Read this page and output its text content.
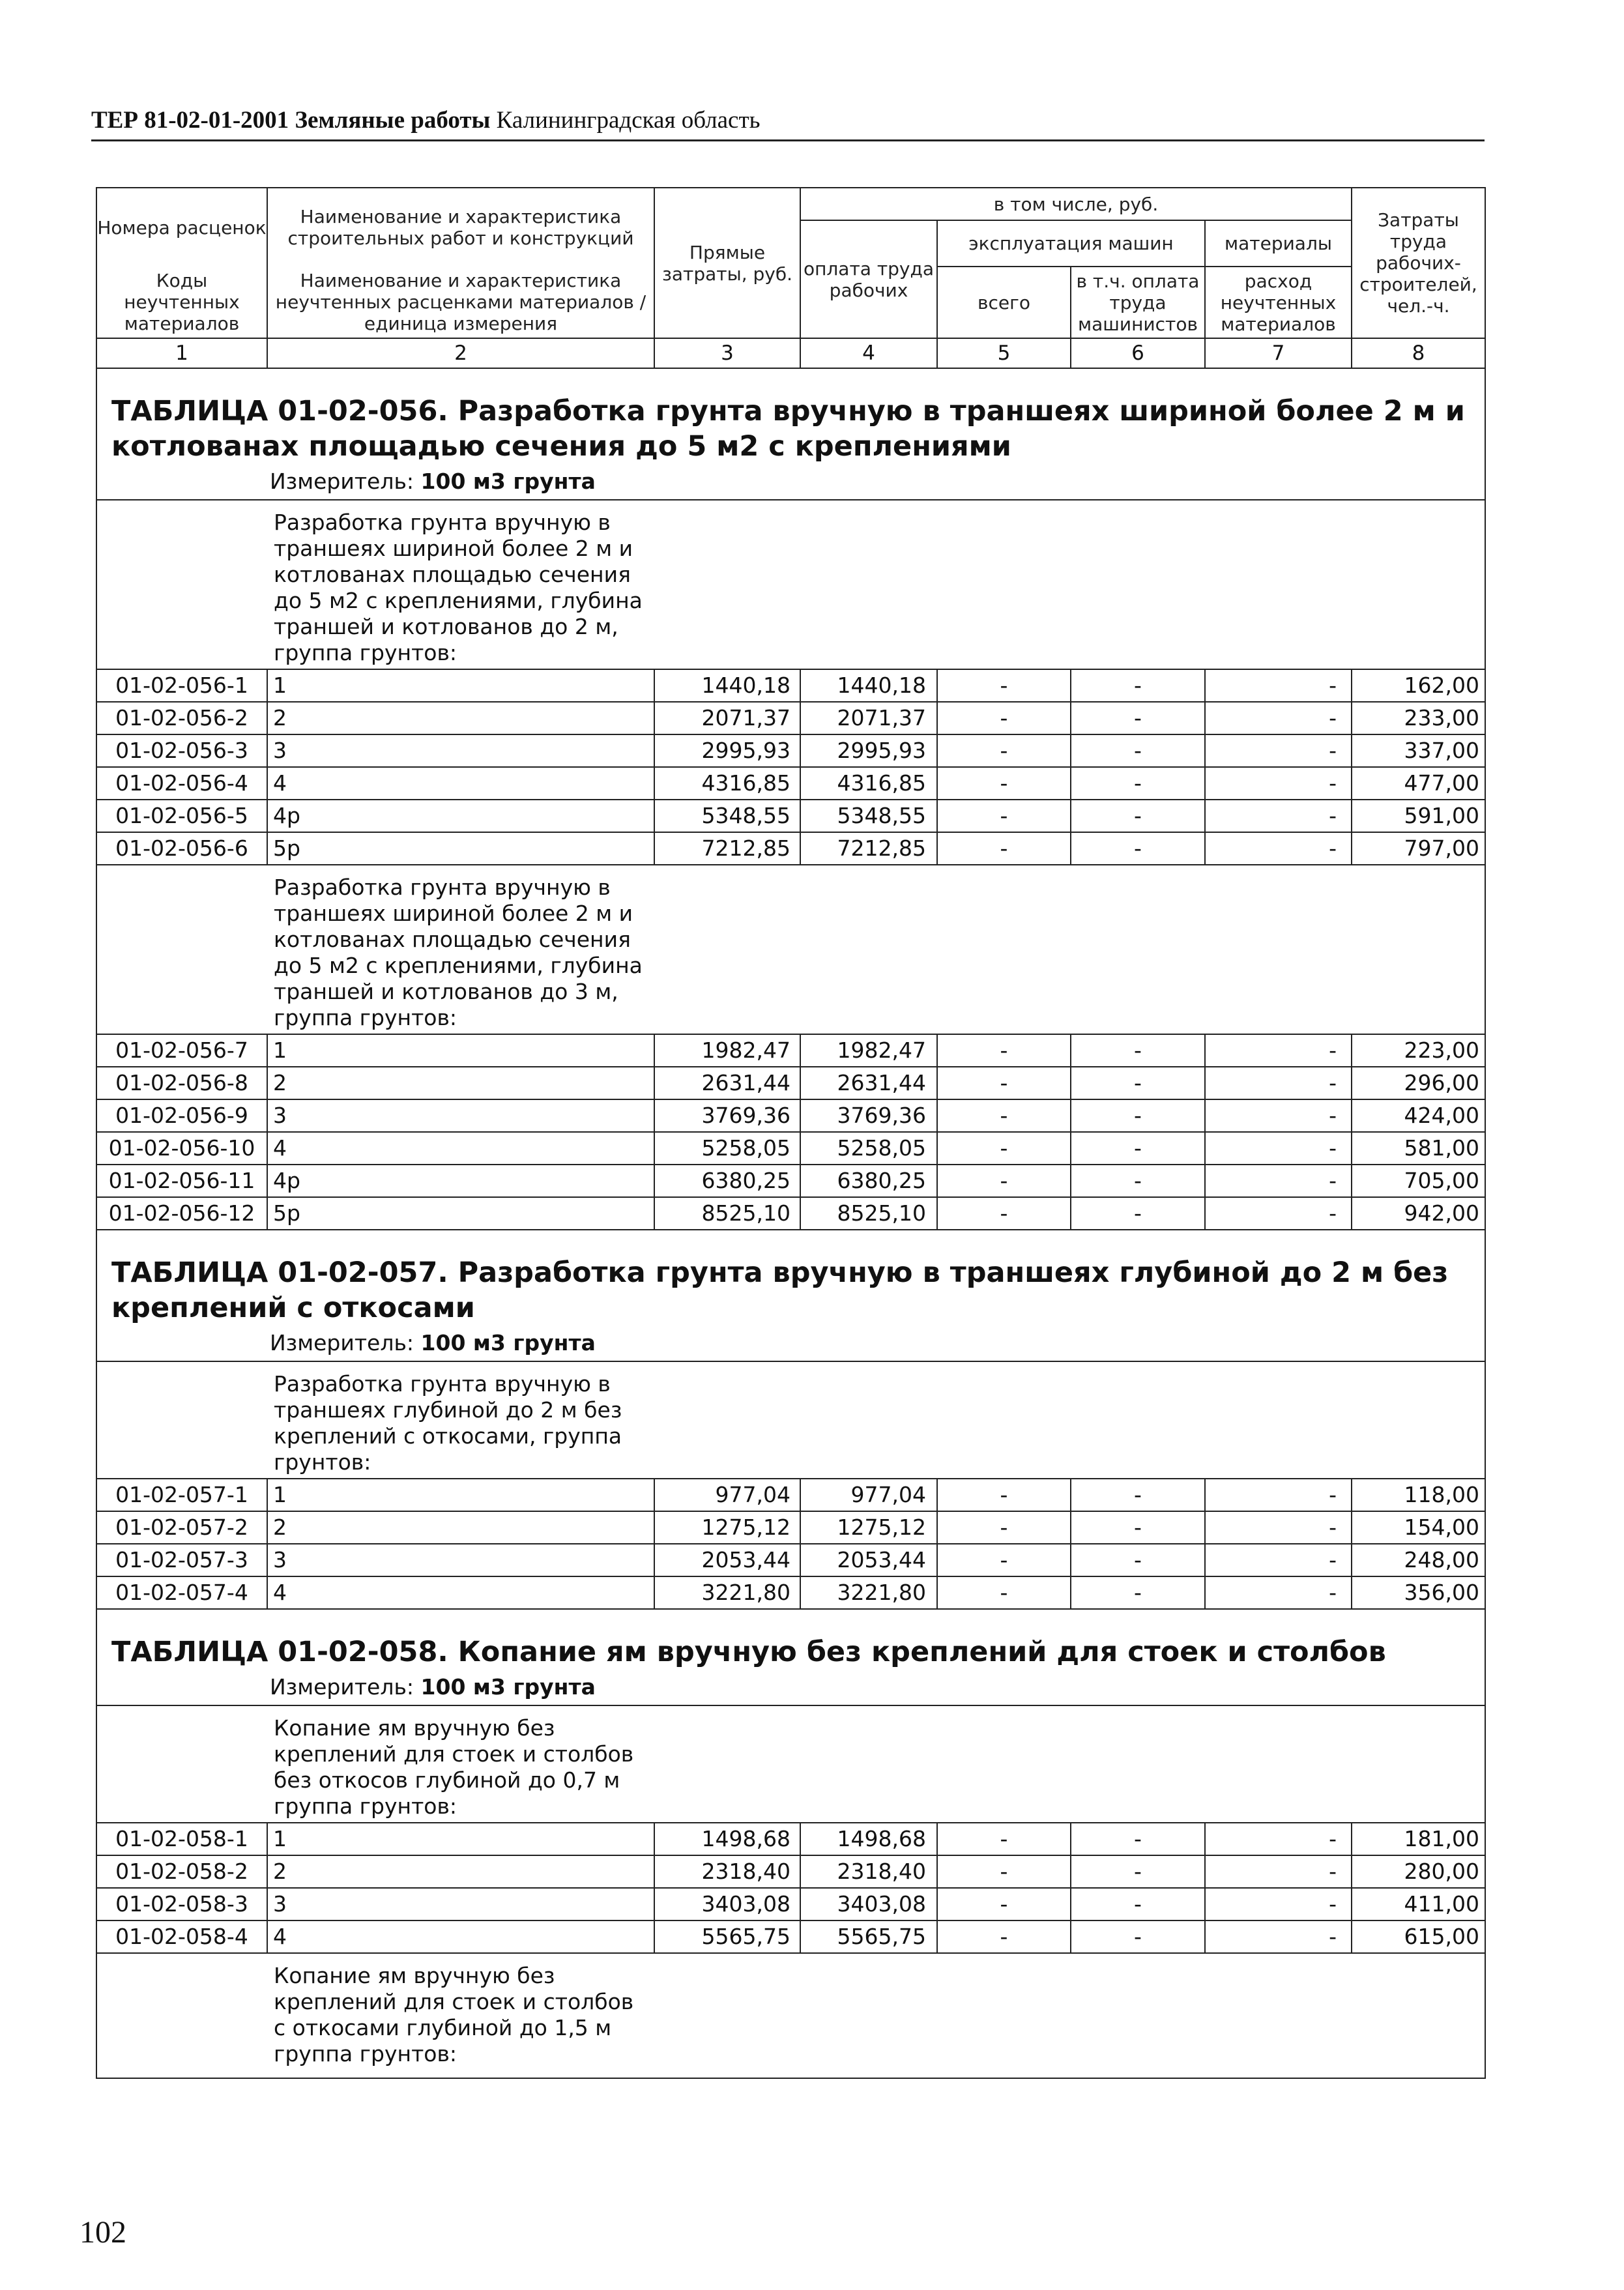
ТЕР 81-02-01-2001 Земляные работы Калининградская область
Номера расценок	Наименование и характеристика строительных работ и конструкций	Прямые затраты, руб.	в том числе, руб.				Затраты труда рабочих-строителей, чел.-ч.	
			оплата труда рабочих	эксплуатация машин		материалы		
Коды неучтенных материалов	Наименование и характеристика неучтенных расценками материалов / единица измерения			всего	в т.ч. оплата труда машинистов	расход неучтенных материалов		

1	2	3	4	5	6	7	8	

ТАБЛИЦА 01-02-056. Разработка грунта вручную в траншеях шириной более 2 м и котлованах площадью сечения до 5 м2 с креплениями								

Измеритель: 100 м3 грунта								

	Разработка грунта вручную в траншеях шириной более 2 м и котлованах площадью сечения до 5 м2 с креплениями, глубина траншей и котлованов до 2 м, группа грунтов:							

01-02-056-1	1	1440,18	1440,18	-	-	-	162,00	
01-02-056-2	2	2071,37	2071,37	-	-	-	233,00	
01-02-056-3	3	2995,93	2995,93	-	-	-	337,00	
01-02-056-4	4	4316,85	4316,85	-	-	-	477,00	
01-02-056-5	4р	5348,55	5348,55	-	-	-	591,00	
01-02-056-6	5р	7212,85	7212,85	-	-	-	797,00	

	Разработка грунта вручную в траншеях шириной более 2 м и котлованах площадью сечения до 5 м2 с креплениями, глубина траншей и котлованов до 3 м, группа грунтов:							

01-02-056-7	1	1982,47	1982,47	-	-	-	223,00	
01-02-056-8	2	2631,44	2631,44	-	-	-	296,00	
01-02-056-9	3	3769,36	3769,36	-	-	-	424,00	
01-02-056-10	4	5258,05	5258,05	-	-	-	581,00	
01-02-056-11	4р	6380,25	6380,25	-	-	-	705,00	
01-02-056-12	5р	8525,10	8525,10	-	-	-	942,00	

ТАБЛИЦА 01-02-057. Разработка грунта вручную в траншеях глубиной до 2 м без креплений с откосами								

Измеритель: 100 м3 грунта								

	Разработка грунта вручную в траншеях глубиной до 2 м без креплений с откосами, группа грунтов:							

01-02-057-1	1	977,04	977,04	-	-	-	118,00	
01-02-057-2	2	1275,12	1275,12	-	-	-	154,00	
01-02-057-3	3	2053,44	2053,44	-	-	-	248,00	
01-02-057-4	4	3221,80	3221,80	-	-	-	356,00	

ТАБЛИЦА 01-02-058. Копание ям вручную без креплений для стоек и столбов								

Измеритель: 100 м3 грунта								

	Копание ям вручную без креплений для стоек и столбов без откосов глубиной до 0,7 м группа грунтов:							

01-02-058-1	1	1498,68	1498,68	-	-	-	181,00	
01-02-058-2	2	2318,40	2318,40	-	-	-	280,00	
01-02-058-3	3	3403,08	3403,08	-	-	-	411,00	
01-02-058-4	4	5565,75	5565,75	-	-	-	615,00	

	Копание ям вручную без креплений для стоек и столбов с откосами глубиной до 1,5 м группа грунтов:							
102
